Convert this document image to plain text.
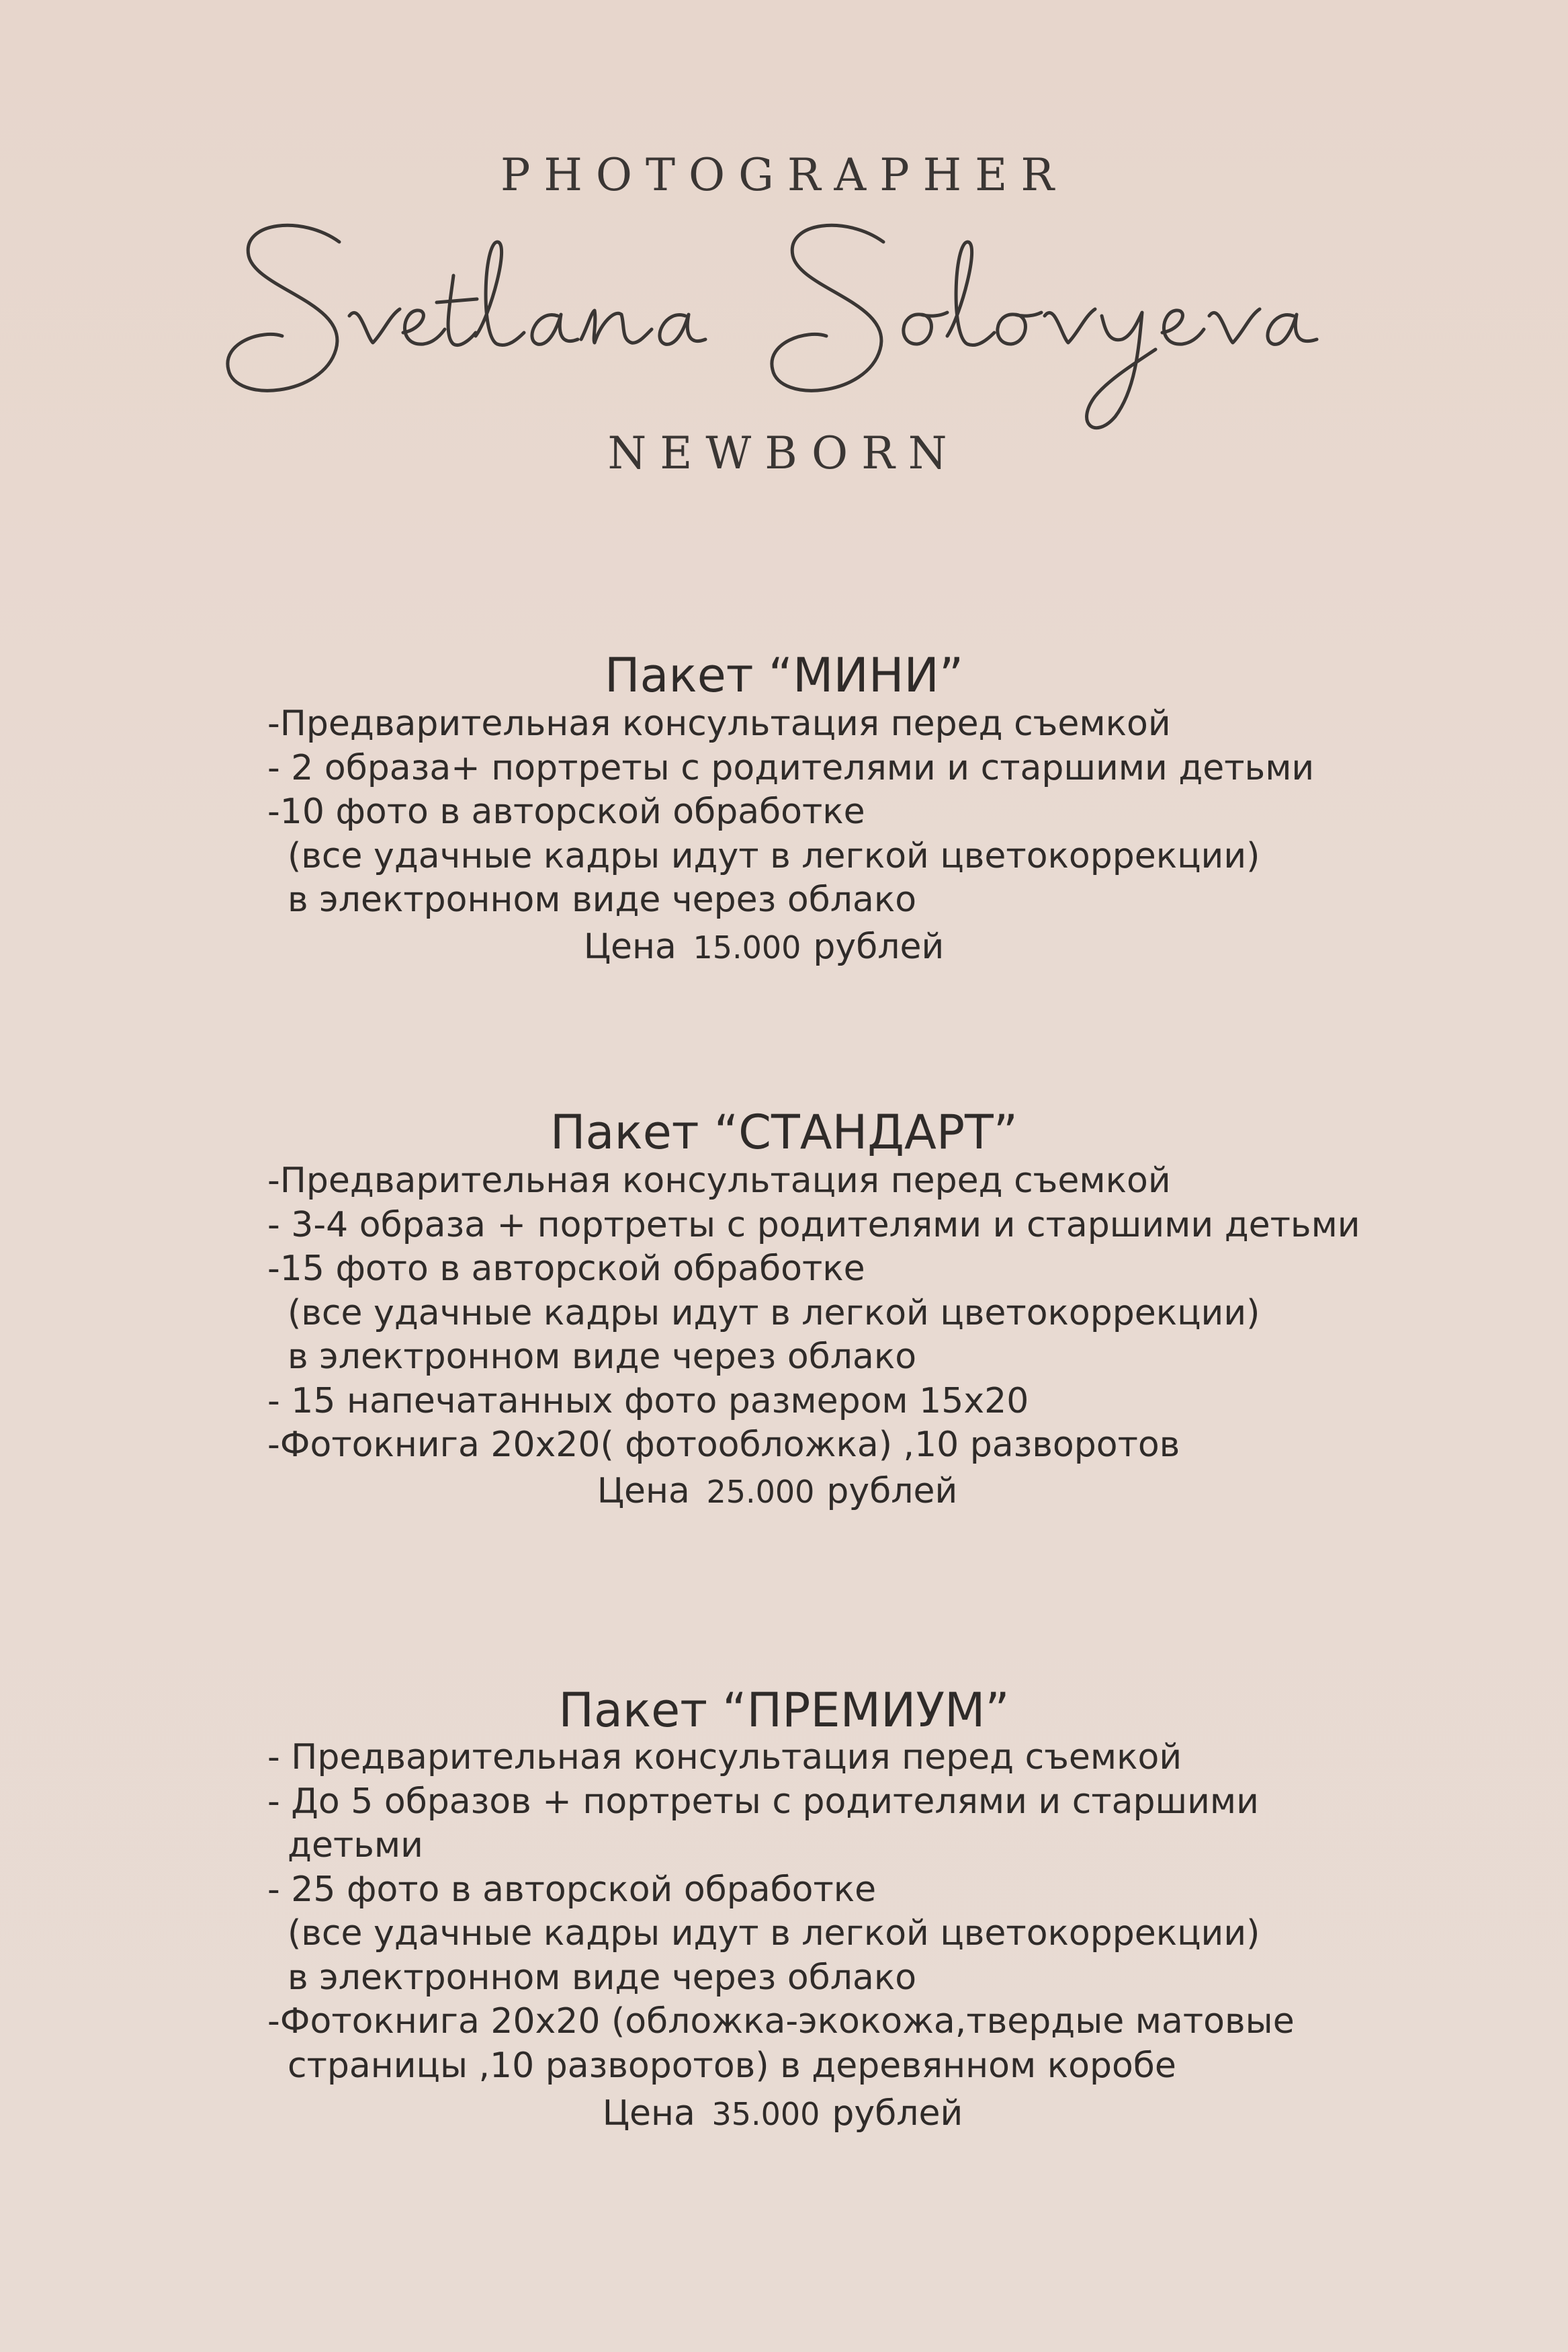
PHOTOGRAPHER
NEWBORN
Пакет “МИНИ”
-Предварительная консультация перед съемкой
- 2 образа+ портреты с родителями и старшими детьми
-10 фото в авторской обработке
(все удачные кадры идут в легкой цветокоррекции)
в электронном виде через облако
Цена 15.000 рублей
Пакет “СТАНДАРТ”
-Предварительная консультация перед съемкой
- 3-4 образа + портреты с родителями и старшими детьми
-15 фото в авторской обработке
(все удачные кадры идут в легкой цветокоррекции)
в электронном виде через облако
- 15 напечатанных фото размером 15x20
-Фотокнига 20x20( фотообложка) ,10 разворотов
Цена 25.000 рублей
Пакет “ПРЕМИУМ”
- Предварительная консультация перед съемкой
- До 5 образов + портреты с родителями и старшими
детьми
- 25 фото в авторской обработке
(все удачные кадры идут в легкой цветокоррекции)
в электронном виде через облако
-Фотокнига 20x20 (обложка-экокожа,твердые матовые
страницы ,10 разворотов) в деревянном коробе
Цена 35.000 рублей
